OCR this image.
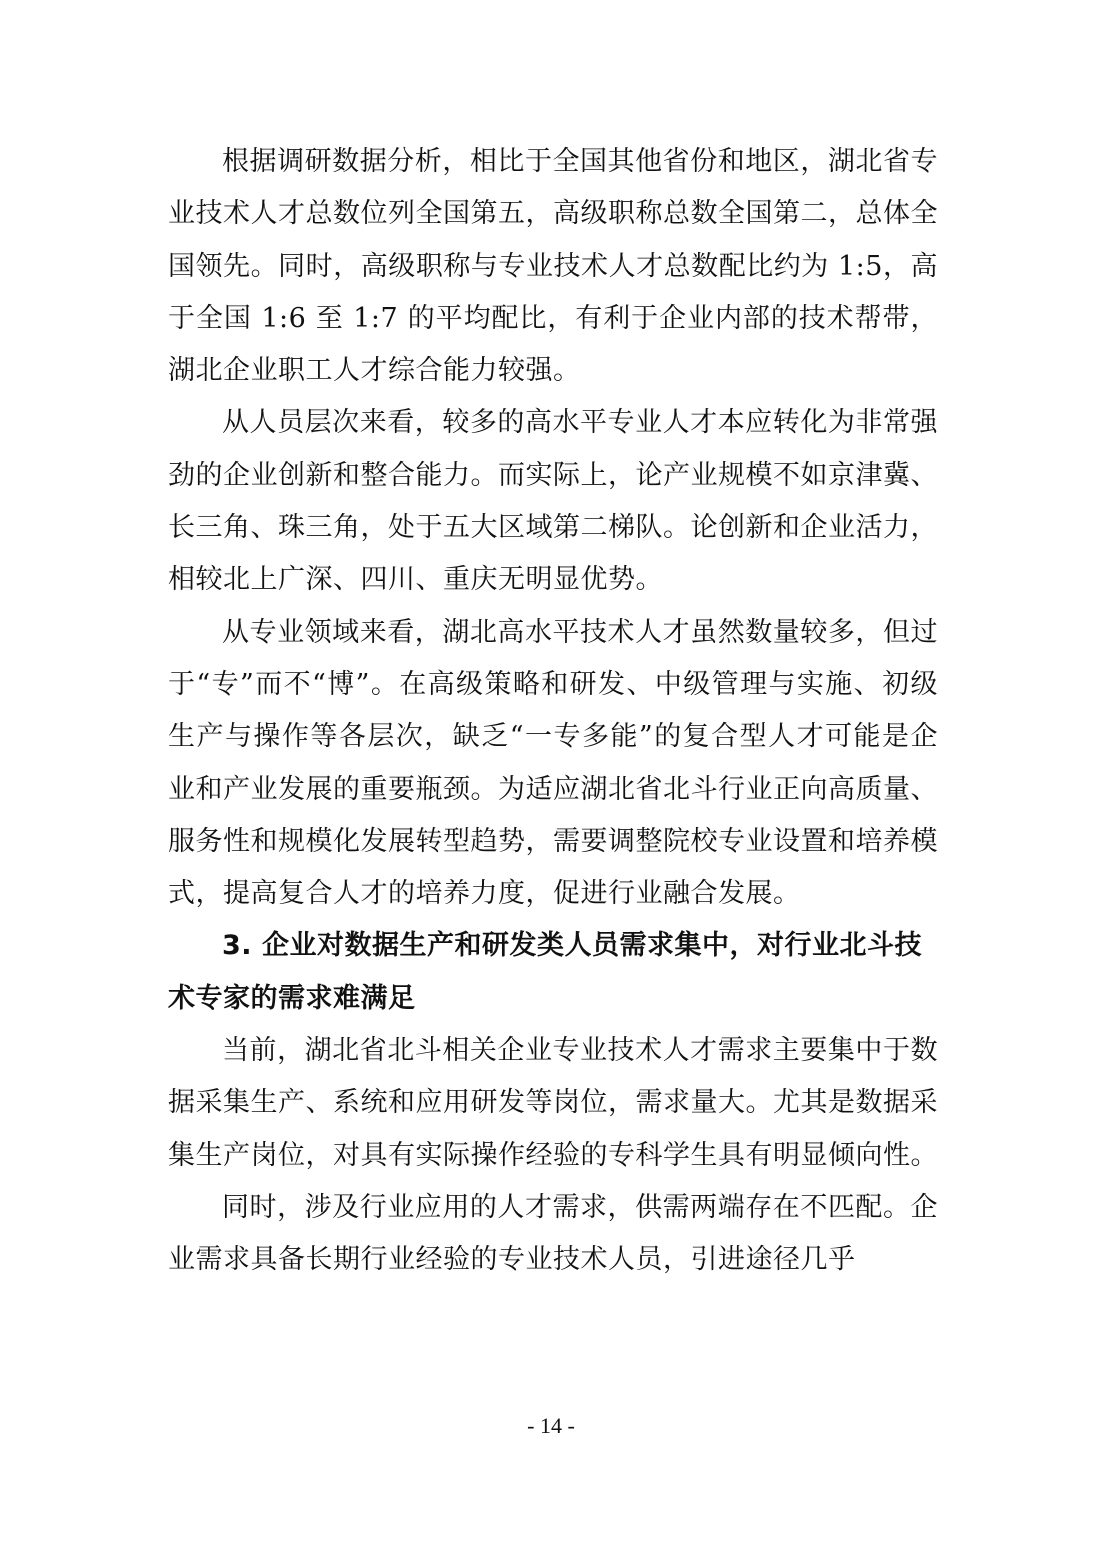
根据调研数据分析，相比于全国其他省份和地区，湖北省专业技术人才总数位列全国第五，高级职称总数全国第二，总体全国领先。同时，高级职称与专业技术人才总数配比约为 1:5，高于全国 1:6 至 1:7 的平均配比，有利于企业内部的技术帮带，湖北企业职工人才综合能力较强。

从人员层次来看，较多的高水平专业人才本应转化为非常强劲的企业创新和整合能力。而实际上，论产业规模不如京津冀、长三角、珠三角，处于五大区域第二梯队。论创新和企业活力，相较北上广深、四川、重庆无明显优势。

从专业领域来看，湖北高水平技术人才虽然数量较多，但过于“专”而不“博”。在高级策略和研发、中级管理与实施、初级生产与操作等各层次，缺乏“一专多能”的复合型人才可能是企业和产业发展的重要瓶颈。为适应湖北省北斗行业正向高质量、服务性和规模化发展转型趋势，需要调整院校专业设置和培养模式，提高复合人才的培养力度，促进行业融合发展。

3. 企业对数据生产和研发类人员需求集中，对行业北斗技术专家的需求难满足

当前，湖北省北斗相关企业专业技术人才需求主要集中于数据采集生产、系统和应用研发等岗位，需求量大。尤其是数据采集生产岗位，对具有实际操作经验的专科学生具有明显倾向性。

同时，涉及行业应用的人才需求，供需两端存在不匹配。企业需求具备长期行业经验的专业技术人员，引进途径几乎

- 14 -
